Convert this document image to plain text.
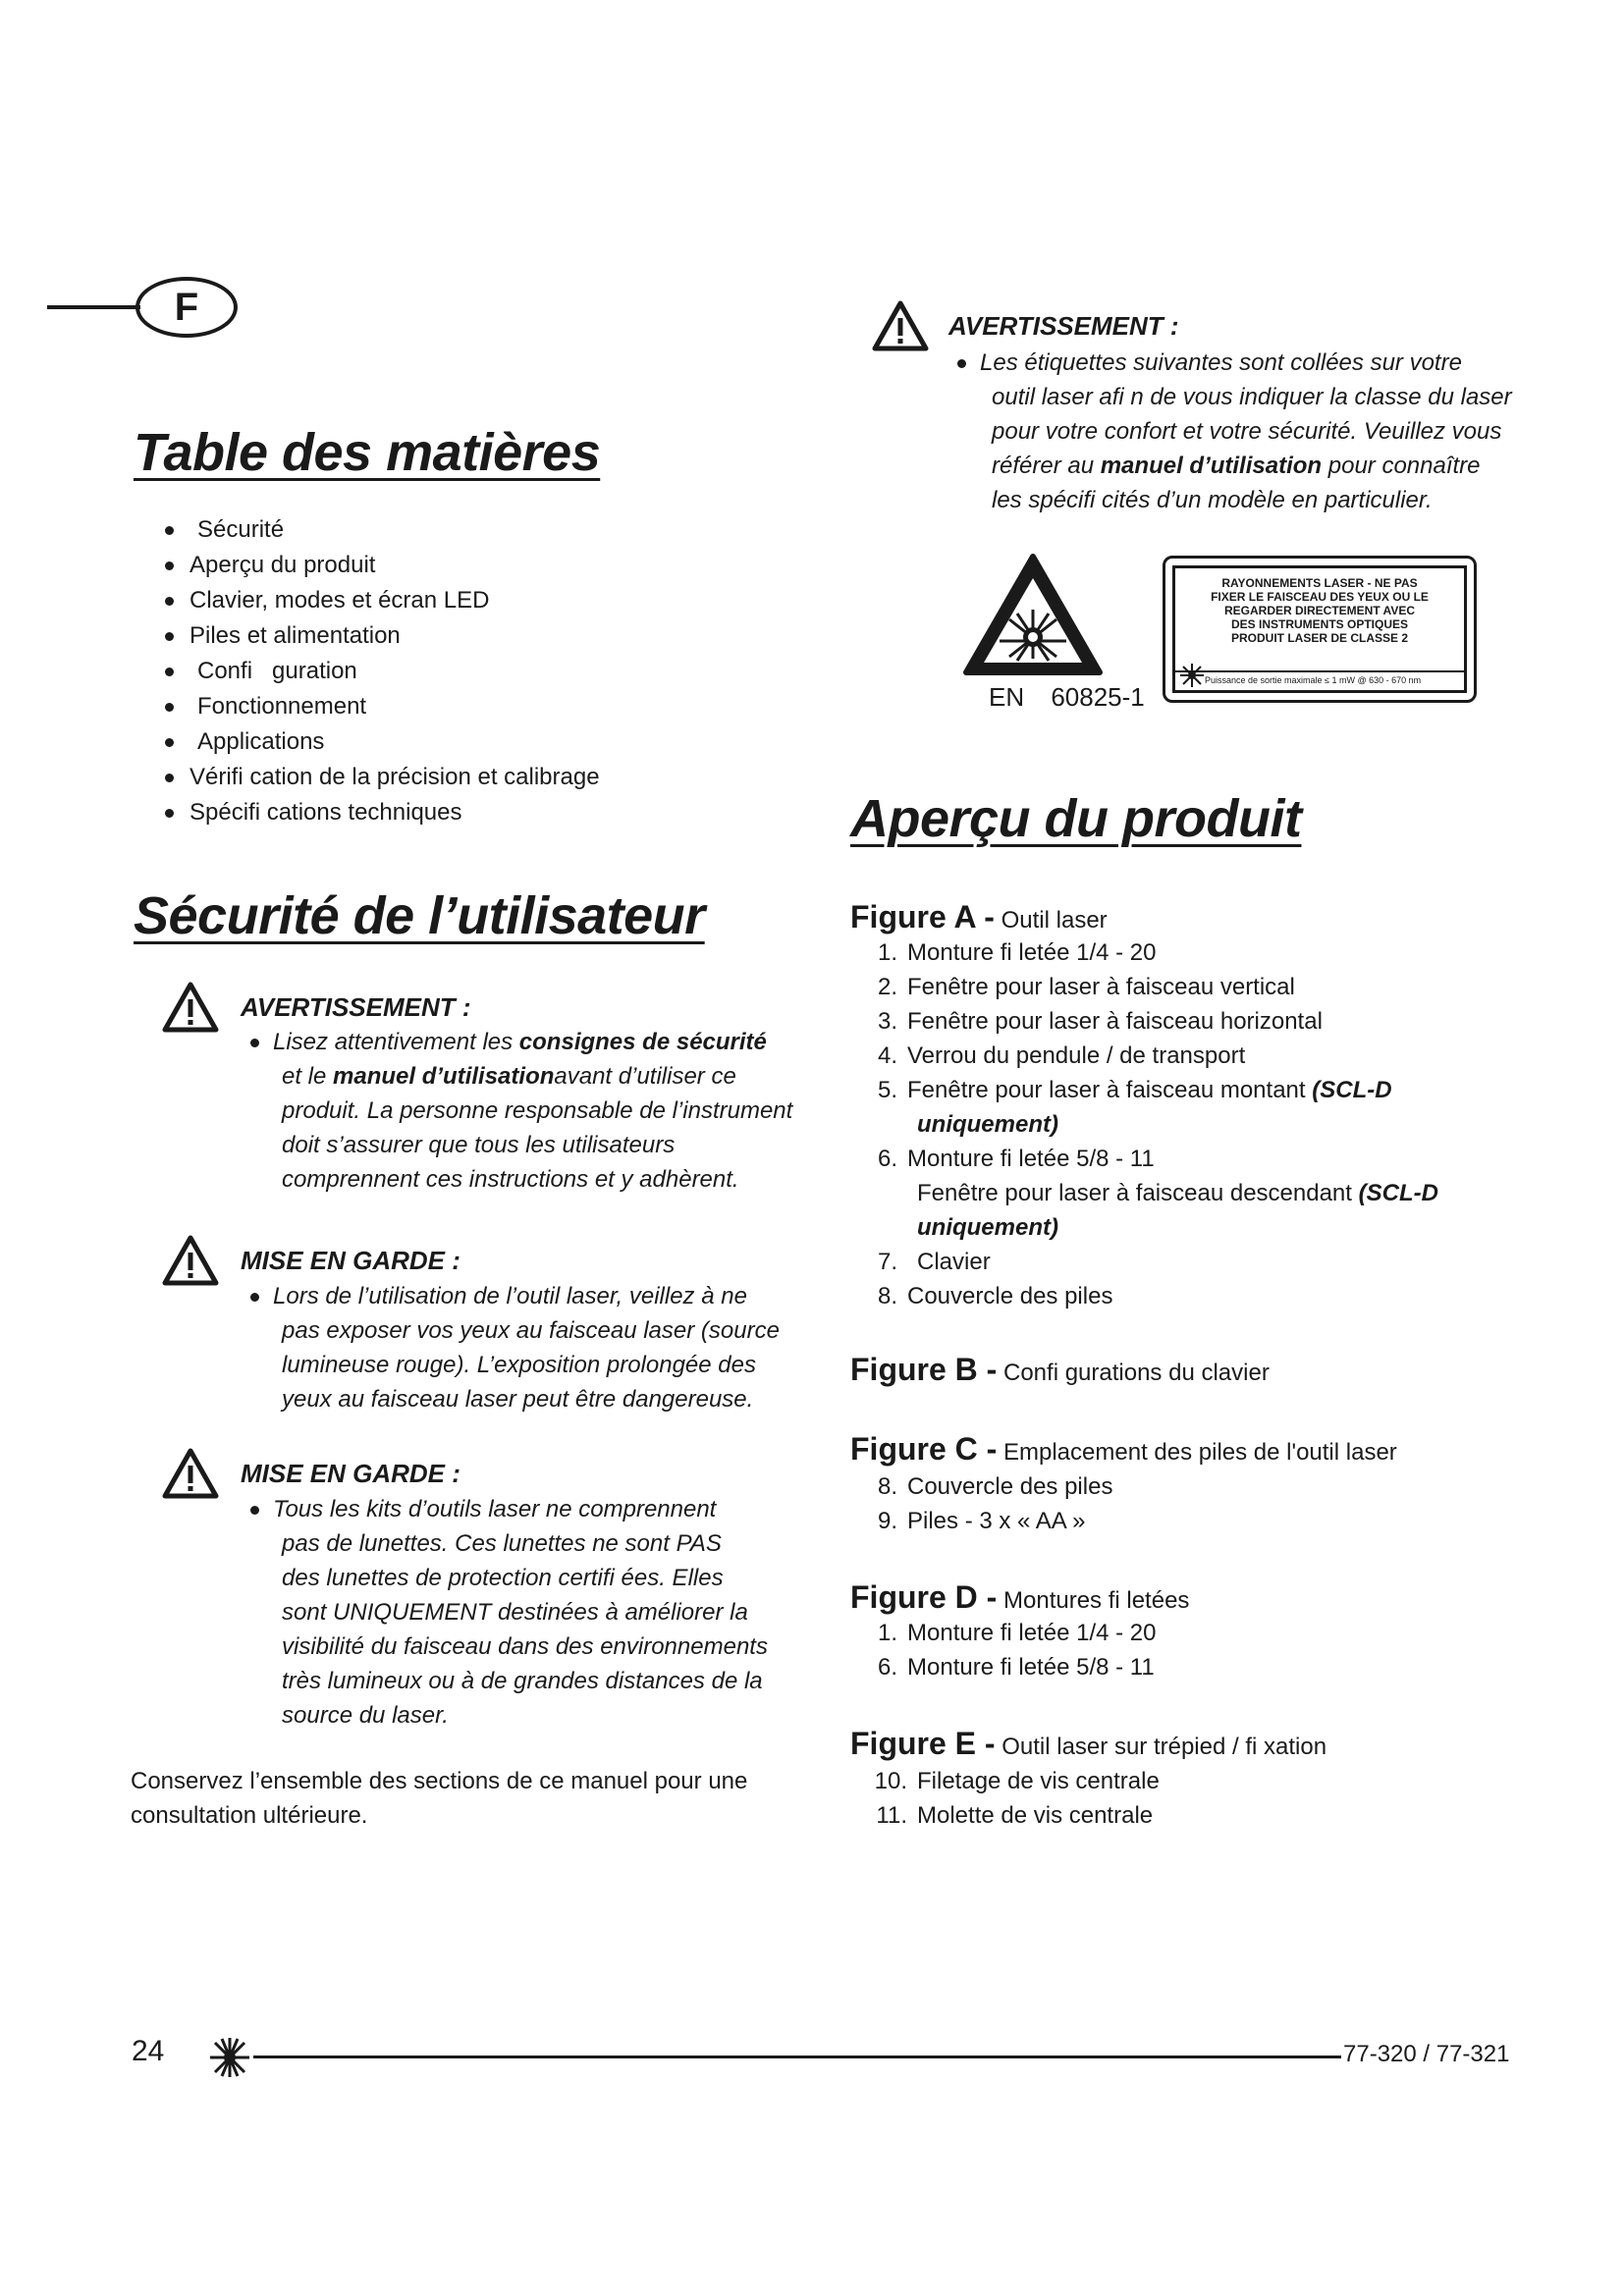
F
Table des matières
Sécurité
Aperçu du produit
Clavier, modes et écran LED
Piles et alimentation
Confi   guration
Fonctionnement
Applications
Vérifi cation de la précision et calibrage
Spécifi cations techniques
Sécurité de l’utilisateur
AVERTISSEMENT :

Lisez attentivement les consignes de sécurité

et le manuel d’utilisationavant d’utiliser ce

produit. La personne responsable de l’instrument

doit s’assurer que tous les utilisateurs

comprennent ces instructions et y adhèrent.

MISE EN GARDE :

Lors de l’utilisation de l’outil laser, veillez à ne

pas exposer vos yeux au faisceau laser (source

lumineuse rouge). L’exposition prolongée des

yeux au faisceau laser peut être dangereuse.

MISE EN GARDE :

Tous les kits d’outils laser ne comprennent

pas de lunettes. Ces lunettes ne sont PAS

des lunettes de protection certifi ées. Elles

sont UNIQUEMENT destinées à améliorer la

visibilité du faisceau dans des environnements

très lumineux ou à de grandes distances de la

source du laser.

Conservez l’ensemble des sections de ce manuel pour une
consultation ultérieure.
AVERTISSEMENT :

Les étiquettes suivantes sont collées sur votre

outil laser afi n de vous indiquer la classe du laser

pour votre confort et votre sécurité. Veuillez vous

référer au manuel d’utilisation pour connaître

les spécifi cités d’un modèle en particulier.

EN 60825-1
RAYONNEMENTS LASER - NE PAS
FIXER LE FAISCEAU DES YEUX OU LE
REGARDER DIRECTEMENT AVEC
DES INSTRUMENTS OPTIQUES
PRODUIT LASER DE CLASSE 2
Puissance de sortie maximale ≤ 1 mW @ 630 - 670 nm
Aperçu du produit
Figure A - Outil laser
1. Monture fi letée 1/4 - 20
2. Fenêtre pour laser à faisceau vertical
3. Fenêtre pour laser à faisceau horizontal
4. Verrou du pendule / de transport
5. Fenêtre pour laser à faisceau montant (SCL-D
uniquement)
6. Monture fi letée 5/8 - 11
Fenêtre pour laser à faisceau descendant (SCL-D
uniquement)
7. Clavier
8. Couvercle des piles
Figure B - Confi gurations du clavier
Figure C - Emplacement des piles de l'outil laser
8. Couvercle des piles
9. Piles - 3 x « AA »
Figure D - Montures fi letées
1. Monture fi letée 1/4 - 20
6. Monture fi letée 5/8 - 11
Figure E - Outil laser sur trépied / fi xation
10. Filetage de vis centrale
11. Molette de vis centrale
24	77-320 / 77-321
